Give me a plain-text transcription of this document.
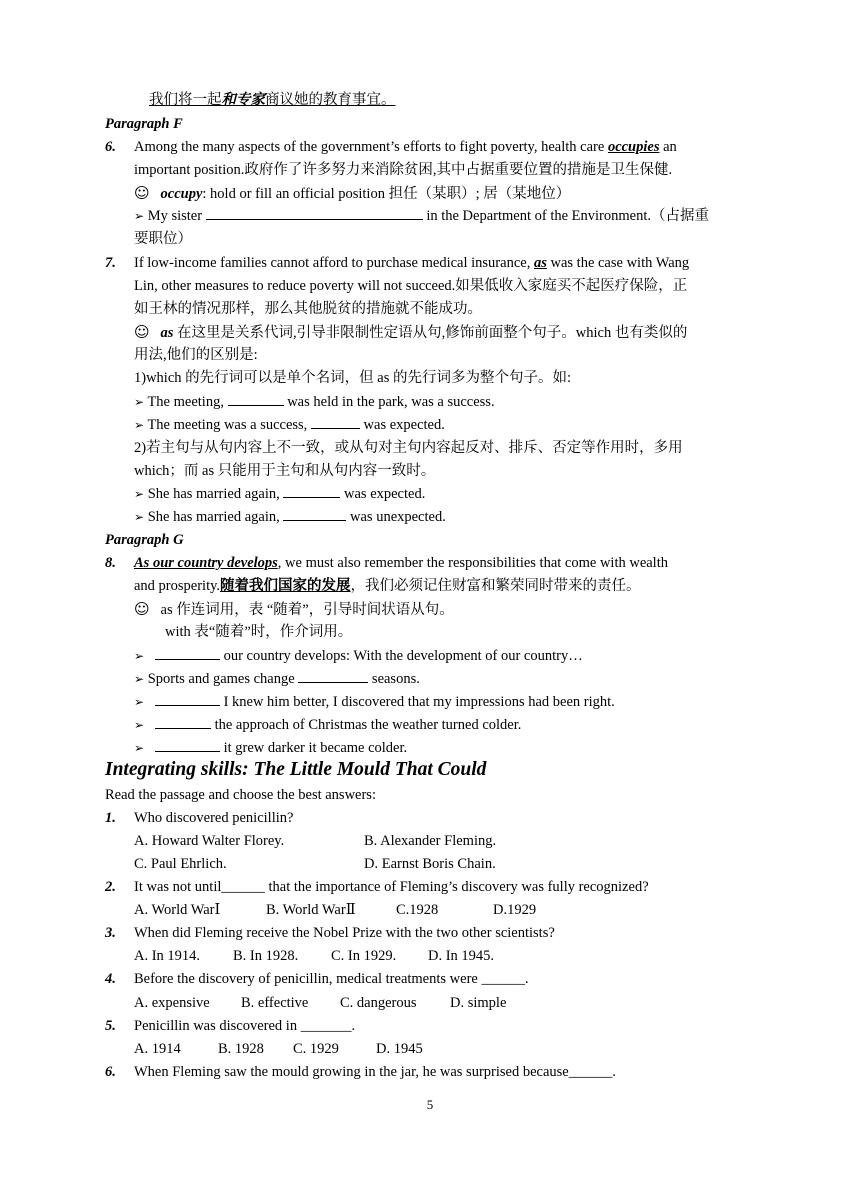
我们将一起和专家商议她的教育事宜。
Paragraph F
6. Among the many aspects of the government’s efforts to fight poverty, health care occupies an
important position.政府作了许多努力来消除贫困,其中占据重要位置的措施是卫生保健.
☺ occupy: hold or fill an official position 担任（某职）; 居（某地位）
➢ My sister	in the Department of the Environment.（占据重
要职位）
7. If low-income families cannot afford to purchase medical insurance, as was the case with Wang
Lin, other measures to reduce poverty will not succeed.如果低收入家庭买不起医疗保险，正
如王林的情况那样，那么其他脱贫的措施就不能成功。
☺ as 在这里是关系代词,引导非限制性定语从句,修饰前面整个句子。which 也有类似的
用法,他们的区别是:
1)which 的先行词可以是单个名词，但 as 的先行词多为整个句子。如:
➢ The meeting,	was held in the park, was a success.
➢ The meeting was a success,	was expected.
2)若主句与从句内容上不一致，或从句对主句内容起反对、排斥、否定等作用时，多用
which；而 as 只能用于主句和从句内容一致时。
➢ She has married again,	was expected.
➢ She has married again,	was unexpected.
Paragraph G
8. As our country develops, we must also remember the responsibilities that come with wealth
and prosperity.随着我们国家的发展，我们必须记住财富和繁荣同时带来的责任。
☺ as 作连词用，表 “随着”，引导时间状语从句。
with 表“随着”时，作介词用。
➢	our country develops: With the development of our country…
➢ Sports and games change	seasons.
➢	I knew him better, I discovered that my impressions had been right.
➢	the approach of Christmas the weather turned colder.
➢	it grew darker it became colder.
Integrating skills: The Little Mould That Could
Read the passage and choose the best answers:
1. Who discovered penicillin?
A. Howard Walter Florey.	B. Alexander Fleming.
C. Paul Ehrlich.	D. Earnst Boris Chain.
2. It was not until______ that the importance of Fleming’s discovery was fully recognized?
A. World WarⅠ	B. World WarⅡ	C.1928	D.1929
3. When did Fleming receive the Nobel Prize with the two other scientists?
A. In 1914. B. In 1928. C. In 1929. D. In 1945.
4. Before the discovery of penicillin, medical treatments were ______.
A. expensive B. effective C. dangerous D. simple
5. Penicillin was discovered in _______.
A. 1914	B. 1928 C. 1929	D. 1945
6. When Fleming saw the mould growing in the jar, he was surprised because______.
5
